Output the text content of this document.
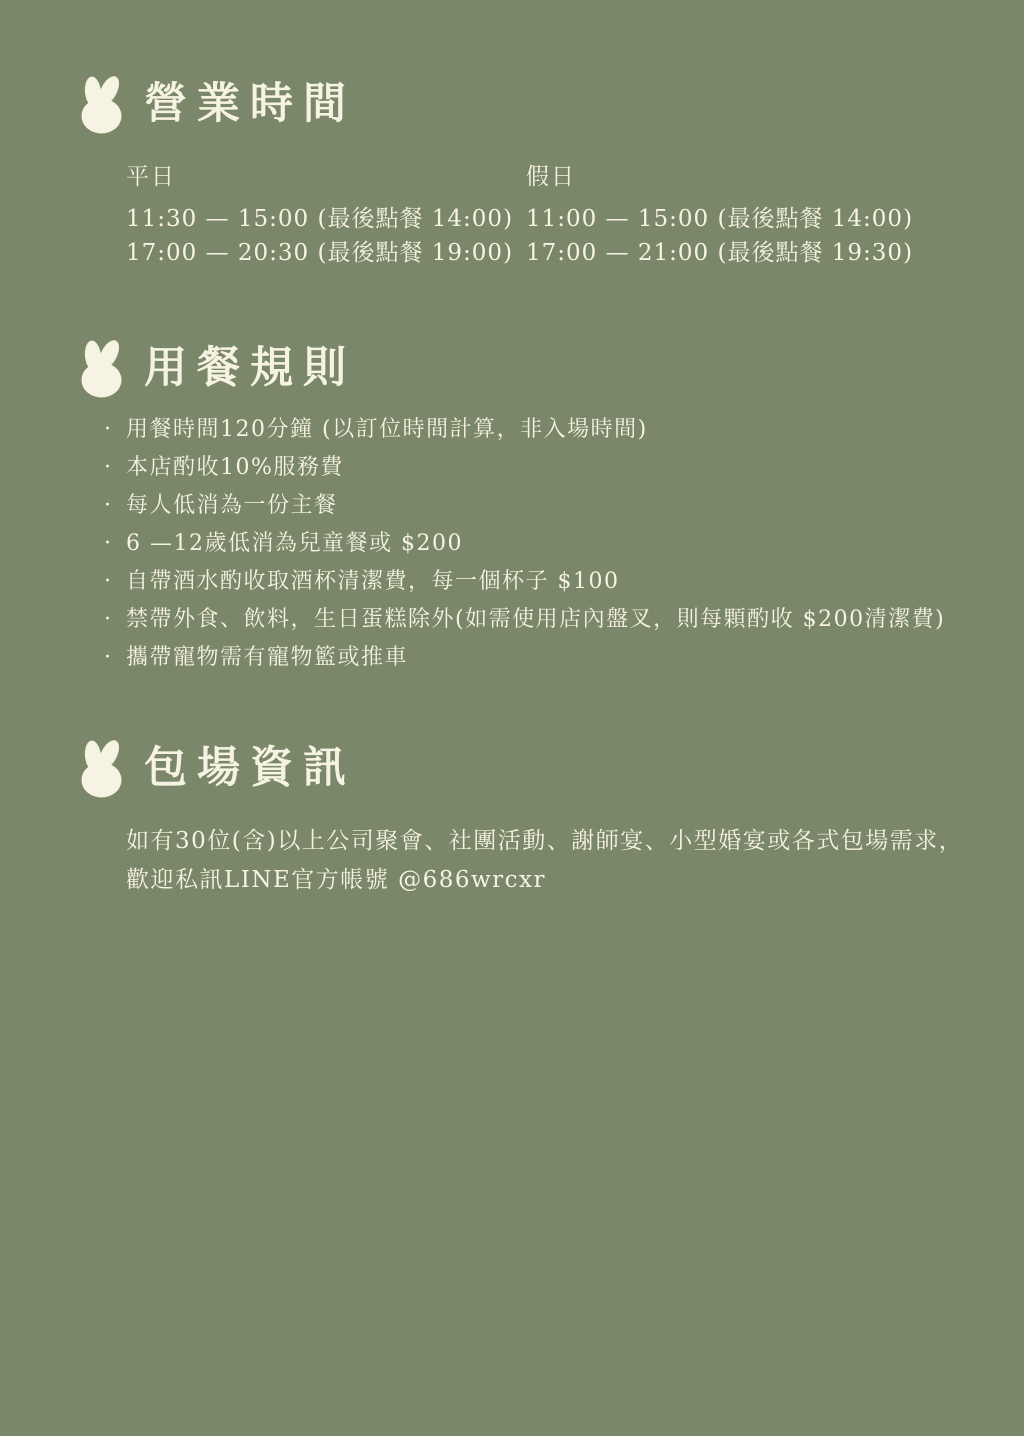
營業時間
平日
11:30 — 15:00 (最後點餐 14:00)
17:00 — 20:30 (最後點餐 19:00)
假日
11:00 — 15:00 (最後點餐 14:00)
17:00 — 21:00 (最後點餐 19:30)
用餐規則
· 用餐時間120分鐘 (以訂位時間計算，非入場時間)
· 本店酌收10%服務費
· 每人低消為一份主餐
· 6 —12歲低消為兒童餐或 $200
· 自帶酒水酌收取酒杯清潔費，每一個杯子 $100
· 禁帶外食、飲料，生日蛋糕除外(如需使用店內盤叉，則每顆酌收 $200清潔費)
· 攜帶寵物需有寵物籃或推車
包場資訊
如有30位(含)以上公司聚會、社團活動、謝師宴、小型婚宴或各式包場需求，
歡迎私訊LINE官方帳號 @686wrcxr
